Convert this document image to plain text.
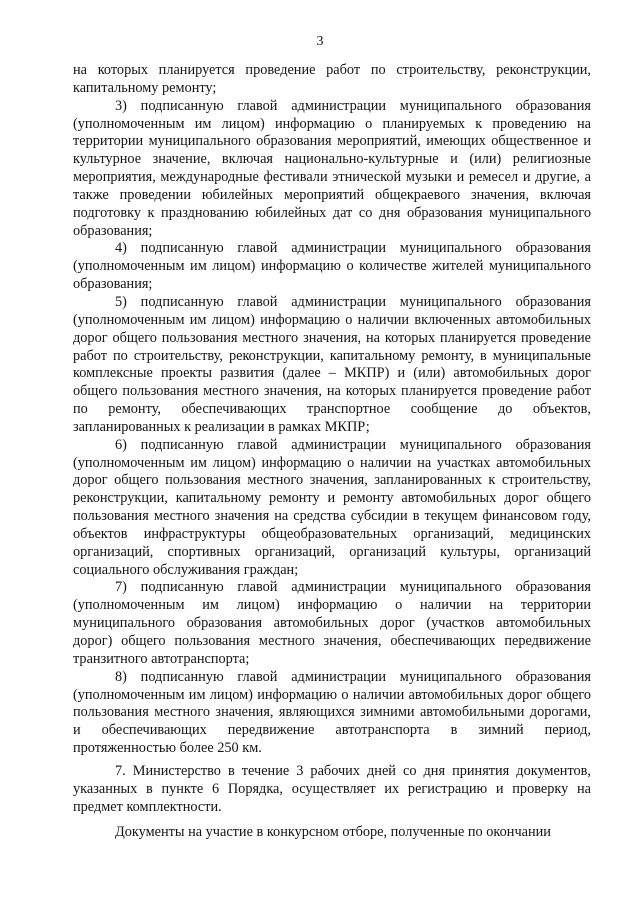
3

на которых планируется проведение работ по строительству, реконструкции, капитальному ремонту;

3) подписанную главой администрации муниципального образования (уполномоченным им лицом) информацию о планируемых к проведению на территории муниципального образования мероприятий, имеющих общественное и культурное значение, включая национально-культурные и (или) религиозные мероприятия, международные фестивали этнической музыки и ремесел и другие, а также проведении юбилейных мероприятий общекраевого значения, включая подготовку к празднованию юбилейных дат со дня образования муниципального образования;

4) подписанную главой администрации муниципального образования (уполномоченным им лицом) информацию о количестве жителей муниципального образования;

5) подписанную главой администрации муниципального образования (уполномоченным им лицом) информацию о наличии включенных автомобильных дорог общего пользования местного значения, на которых планируется проведение работ по строительству, реконструкции, капитальному ремонту, в муниципальные комплексные проекты развития (далее – МКПР) и (или) автомобильных дорог общего пользования местного значения, на которых планируется проведение работ по ремонту, обеспечивающих транспортное сообщение до объектов, запланированных к реализации в рамках МКПР;

6) подписанную главой администрации муниципального образования (уполномоченным им лицом) информацию о наличии на участках автомобильных дорог общего пользования местного значения, запланированных к строительству, реконструкции, капитальному ремонту и ремонту автомобильных дорог общего пользования местного значения на средства субсидии в текущем финансовом году, объектов инфраструктуры общеобразовательных организаций, медицинских организаций, спортивных организаций, организаций культуры, организаций социального обслуживания граждан;

7) подписанную главой администрации муниципального образования (уполномоченным им лицом) информацию о наличии на территории муниципального образования автомобильных дорог (участков автомобильных дорог) общего пользования местного значения, обеспечивающих передвижение транзитного автотранспорта;

8) подписанную главой администрации муниципального образования (уполномоченным им лицом) информацию о наличии автомобильных дорог общего пользования местного значения, являющихся зимними автомобильными дорогами, и обеспечивающих передвижение автотранспорта в зимний период, протяженностью более 250 км.

7. Министерство в течение 3 рабочих дней со дня принятия документов, указанных в пункте 6 Порядка, осуществляет их регистрацию и проверку на предмет комплектности.

Документы на участие в конкурсном отборе, полученные по окончании
